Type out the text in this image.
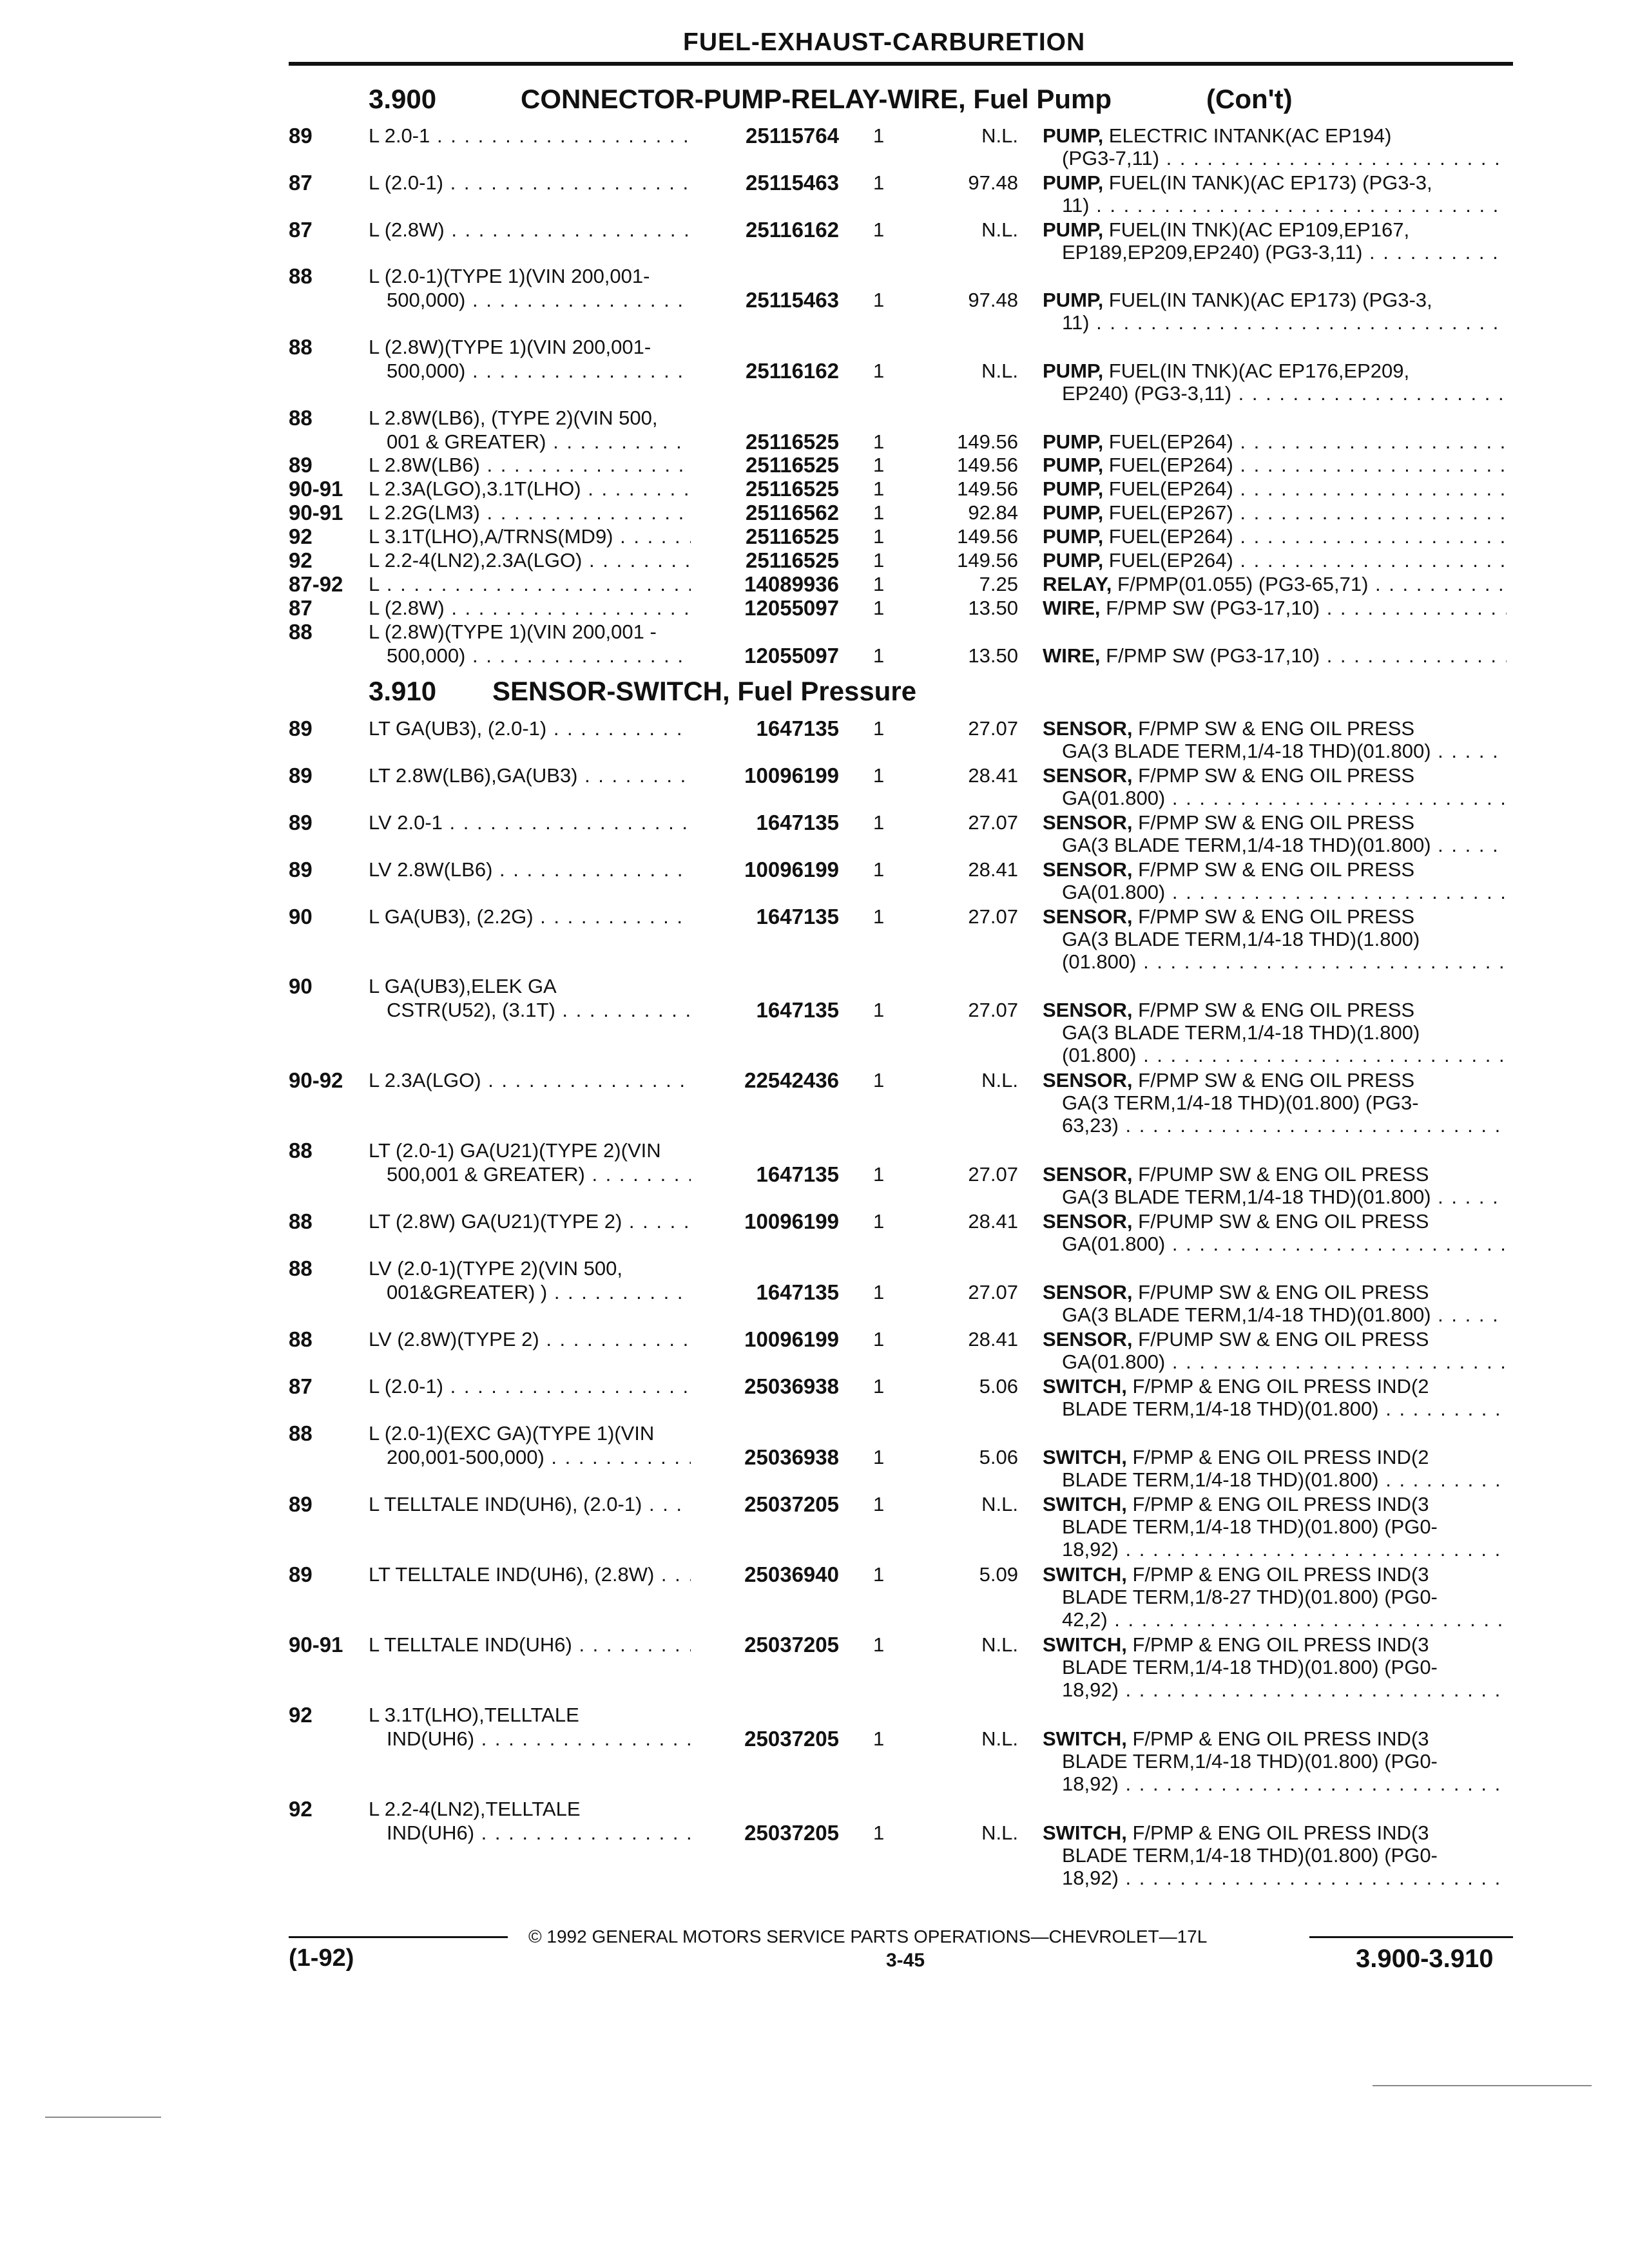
FUEL-EXHAUST-CARBURETION
3.900	CONNECTOR-PUMP-RELAY-WIRE, Fuel Pump	(Con't)
3.910 SENSOR-SWITCH, Fuel Pressure
89	L 2.0-1 . . .	25115764 1	N.L. PUMP, ELECTRIC INTANK(AC EP194)
(PG3-7,11) . . .
87	L (2.0-1) . . .	25115463 1	97.48 PUMP, FUEL(IN TANK)(AC EP173) (PG3-3,
11) . . .
87	L (2.8W) . . .	25116162 1	N.L. PUMP, FUEL(IN TNK)(AC EP109,EP167,
EP189,EP209,EP240) (PG3-3,11) . . .
88	L (2.0-1)(TYPE 1)(VIN 200,001-
500,000) . . .	25115463 1	97.48 PUMP, FUEL(IN TANK)(AC EP173) (PG3-3,
11) . . .
88	L (2.8W)(TYPE 1)(VIN 200,001-
500,000) . . .	25116162 1	N.L. PUMP, FUEL(IN TNK)(AC EP176,EP209,
EP240) (PG3-3,11) . . .
88	L 2.8W(LB6), (TYPE 2)(VIN 500,
001 & GREATER) . . .	25116525 1	149.56 PUMP, FUEL(EP264) . . .
89	L 2.8W(LB6) . . .	25116525 1	149.56 PUMP, FUEL(EP264) . . .
90-91 L 2.3A(LGO),3.1T(LHO) . . .	25116525 1	149.56 PUMP, FUEL(EP264) . . .
90-91 L 2.2G(LM3) . . .	25116562 1	92.84 PUMP, FUEL(EP267) . . .
92	L 3.1T(LHO),A/TRNS(MD9) . . .	25116525 1	149.56 PUMP, FUEL(EP264) . . .
92	L 2.2-4(LN2),2.3A(LGO) . . .	25116525 1	149.56 PUMP, FUEL(EP264) . . .
87-92 L . . .	14089936 1	7.25 RELAY, F/PMP(01.055) (PG3-65,71) . . .
87	L (2.8W) . . .	12055097 1	13.50 WIRE, F/PMP SW (PG3-17,10) . . .
88	L (2.8W)(TYPE 1)(VIN 200,001 -
500,000) . . .	12055097 1	13.50 WIRE, F/PMP SW (PG3-17,10) . . .
89	LT GA(UB3), (2.0-1) . . .	1647135 1	27.07 SENSOR, F/PMP SW & ENG OIL PRESS
GA(3 BLADE TERM,1/4-18 THD)(01.800) . . .
89	LT 2.8W(LB6),GA(UB3) . . .	10096199 1	28.41 SENSOR, F/PMP SW & ENG OIL PRESS
GA(01.800) . . .
89	LV 2.0-1 . . .	1647135 1	27.07 SENSOR, F/PMP SW & ENG OIL PRESS
GA(3 BLADE TERM,1/4-18 THD)(01.800) . . .
89	LV 2.8W(LB6) . . .	10096199 1	28.41 SENSOR, F/PMP SW & ENG OIL PRESS
GA(01.800) . . .
90	L GA(UB3), (2.2G) . . .	1647135 1	27.07 SENSOR, F/PMP SW & ENG OIL PRESS
GA(3 BLADE TERM,1/4-18 THD)(1.800)
(01.800) . . .
90	L GA(UB3),ELEK GA
CSTR(U52), (3.1T) . . .	1647135 1	27.07 SENSOR, F/PMP SW & ENG OIL PRESS
GA(3 BLADE TERM,1/4-18 THD)(1.800)
(01.800) . . .
90-92 L 2.3A(LGO) . . .	22542436 1	N.L. SENSOR, F/PMP SW & ENG OIL PRESS
GA(3 TERM,1/4-18 THD)(01.800) (PG3-
63,23) . . .
88	LT (2.0-1) GA(U21)(TYPE 2)(VIN
500,001 & GREATER) . . .	1647135 1	27.07 SENSOR, F/PUMP SW & ENG OIL PRESS
GA(3 BLADE TERM,1/4-18 THD)(01.800) . . .
88	LT (2.8W) GA(U21)(TYPE 2) . . .	10096199 1	28.41 SENSOR, F/PUMP SW & ENG OIL PRESS
GA(01.800) . . .
88	LV (2.0-1)(TYPE 2)(VIN 500,
001&GREATER) ) . . .	1647135 1	27.07 SENSOR, F/PUMP SW & ENG OIL PRESS
GA(3 BLADE TERM,1/4-18 THD)(01.800) . . .
88	LV (2.8W)(TYPE 2) . . .	10096199 1	28.41 SENSOR, F/PUMP SW & ENG OIL PRESS
GA(01.800) . . .
87	L (2.0-1) . . .	25036938 1	5.06 SWITCH, F/PMP & ENG OIL PRESS IND(2
BLADE TERM,1/4-18 THD)(01.800) . . .
88	L (2.0-1)(EXC GA)(TYPE 1)(VIN
200,001-500,000) . . .	25036938 1	5.06 SWITCH, F/PMP & ENG OIL PRESS IND(2
BLADE TERM,1/4-18 THD)(01.800) . . .
89	L TELLTALE IND(UH6), (2.0-1) . . .	25037205 1	N.L. SWITCH, F/PMP & ENG OIL PRESS IND(3
BLADE TERM,1/4-18 THD)(01.800) (PG0-
18,92) . . .
89	LT TELLTALE IND(UH6), (2.8W) . . .	25036940 1	5.09 SWITCH, F/PMP & ENG OIL PRESS IND(3
BLADE TERM,1/8-27 THD)(01.800) (PG0-
42,2) . . .
90-91 L TELLTALE IND(UH6) . . .	25037205 1	N.L. SWITCH, F/PMP & ENG OIL PRESS IND(3
BLADE TERM,1/4-18 THD)(01.800) (PG0-
18,92) . . .
92	L 3.1T(LHO),TELLTALE
IND(UH6) . . .	25037205 1	N.L. SWITCH, F/PMP & ENG OIL PRESS IND(3
BLADE TERM,1/4-18 THD)(01.800) (PG0-
18,92) . . .
92	L 2.2-4(LN2),TELLTALE
IND(UH6) . . .	25037205 1	N.L. SWITCH, F/PMP & ENG OIL PRESS IND(3
BLADE TERM,1/4-18 THD)(01.800) (PG0-
18,92) . . .
© 1992 GENERAL MOTORS SERVICE PARTS OPERATIONS—CHEVROLET—17L
(1-92)	3-45	3.900-3.910
